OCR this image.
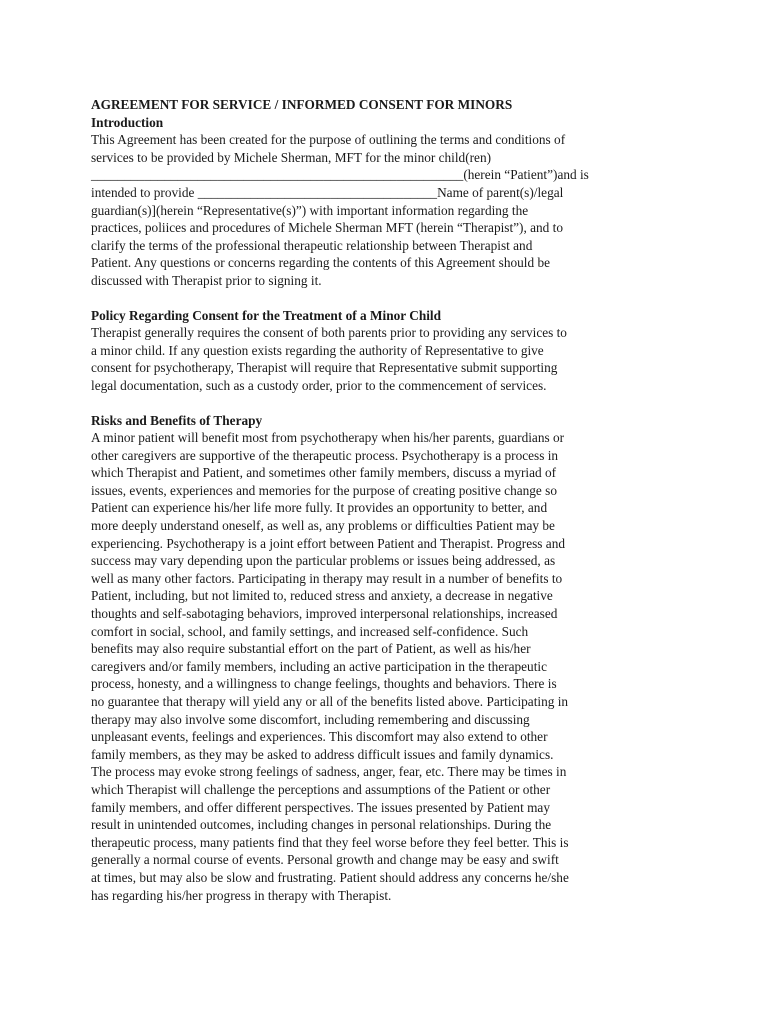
AGREEMENT FOR SERVICE / INFORMED CONSENT FOR MINORS

Introduction

This Agreement has been created for the purpose of outlining the terms and conditions of
services to be provided by Michele Sherman, MFT for the minor child(ren)
________________________________________________________(herein “Patient”)and is
intended to provide ____________________________________Name of parent(s)/legal
guardian(s)](herein “Representative(s)”) with important information regarding the
practices, poliices and procedures of Michele Sherman MFT (herein “Therapist”), and to
clarify the terms of the professional therapeutic relationship between Therapist and
Patient. Any questions or concerns regarding the contents of this Agreement should be
discussed with Therapist prior to signing it.

Policy Regarding Consent for the Treatment of a Minor Child

Therapist generally requires the consent of both parents prior to providing any services to
a minor child. If any question exists regarding the authority of Representative to give
consent for psychotherapy, Therapist will require that Representative submit supporting
legal documentation, such as a custody order, prior to the commencement of services.

Risks and Benefits of Therapy

A minor patient will benefit most from psychotherapy when his/her parents, guardians or
other caregivers are supportive of the therapeutic process. Psychotherapy is a process in
which Therapist and Patient, and sometimes other family members, discuss a myriad of
issues, events, experiences and memories for the purpose of creating positive change so
Patient can experience his/her life more fully. It provides an opportunity to better, and
more deeply understand oneself, as well as, any problems or difficulties Patient may be
experiencing. Psychotherapy is a joint effort between Patient and Therapist. Progress and
success may vary depending upon the particular problems or issues being addressed, as
well as many other factors. Participating in therapy may result in a number of benefits to
Patient, including, but not limited to, reduced stress and anxiety, a decrease in negative
thoughts and self-sabotaging behaviors, improved interpersonal relationships, increased
comfort in social, school, and family settings, and increased self-confidence. Such
benefits may also require substantial effort on the part of Patient, as well as his/her
caregivers and/or family members, including an active participation in the therapeutic
process, honesty, and a willingness to change feelings, thoughts and behaviors. There is
no guarantee that therapy will yield any or all of the benefits listed above. Participating in
therapy may also involve some discomfort, including remembering and discussing
unpleasant events, feelings and experiences. This discomfort may also extend to other
family members, as they may be asked to address difficult issues and family dynamics.
The process may evoke strong feelings of sadness, anger, fear, etc. There may be times in
which Therapist will challenge the perceptions and assumptions of the Patient or other
family members, and offer different perspectives. The issues presented by Patient may
result in unintended outcomes, including changes in personal relationships. During the
therapeutic process, many patients find that they feel worse before they feel better. This is
generally a normal course of events. Personal growth and change may be easy and swift
at times, but may also be slow and frustrating. Patient should address any concerns he/she
has regarding his/her progress in therapy with Therapist.
